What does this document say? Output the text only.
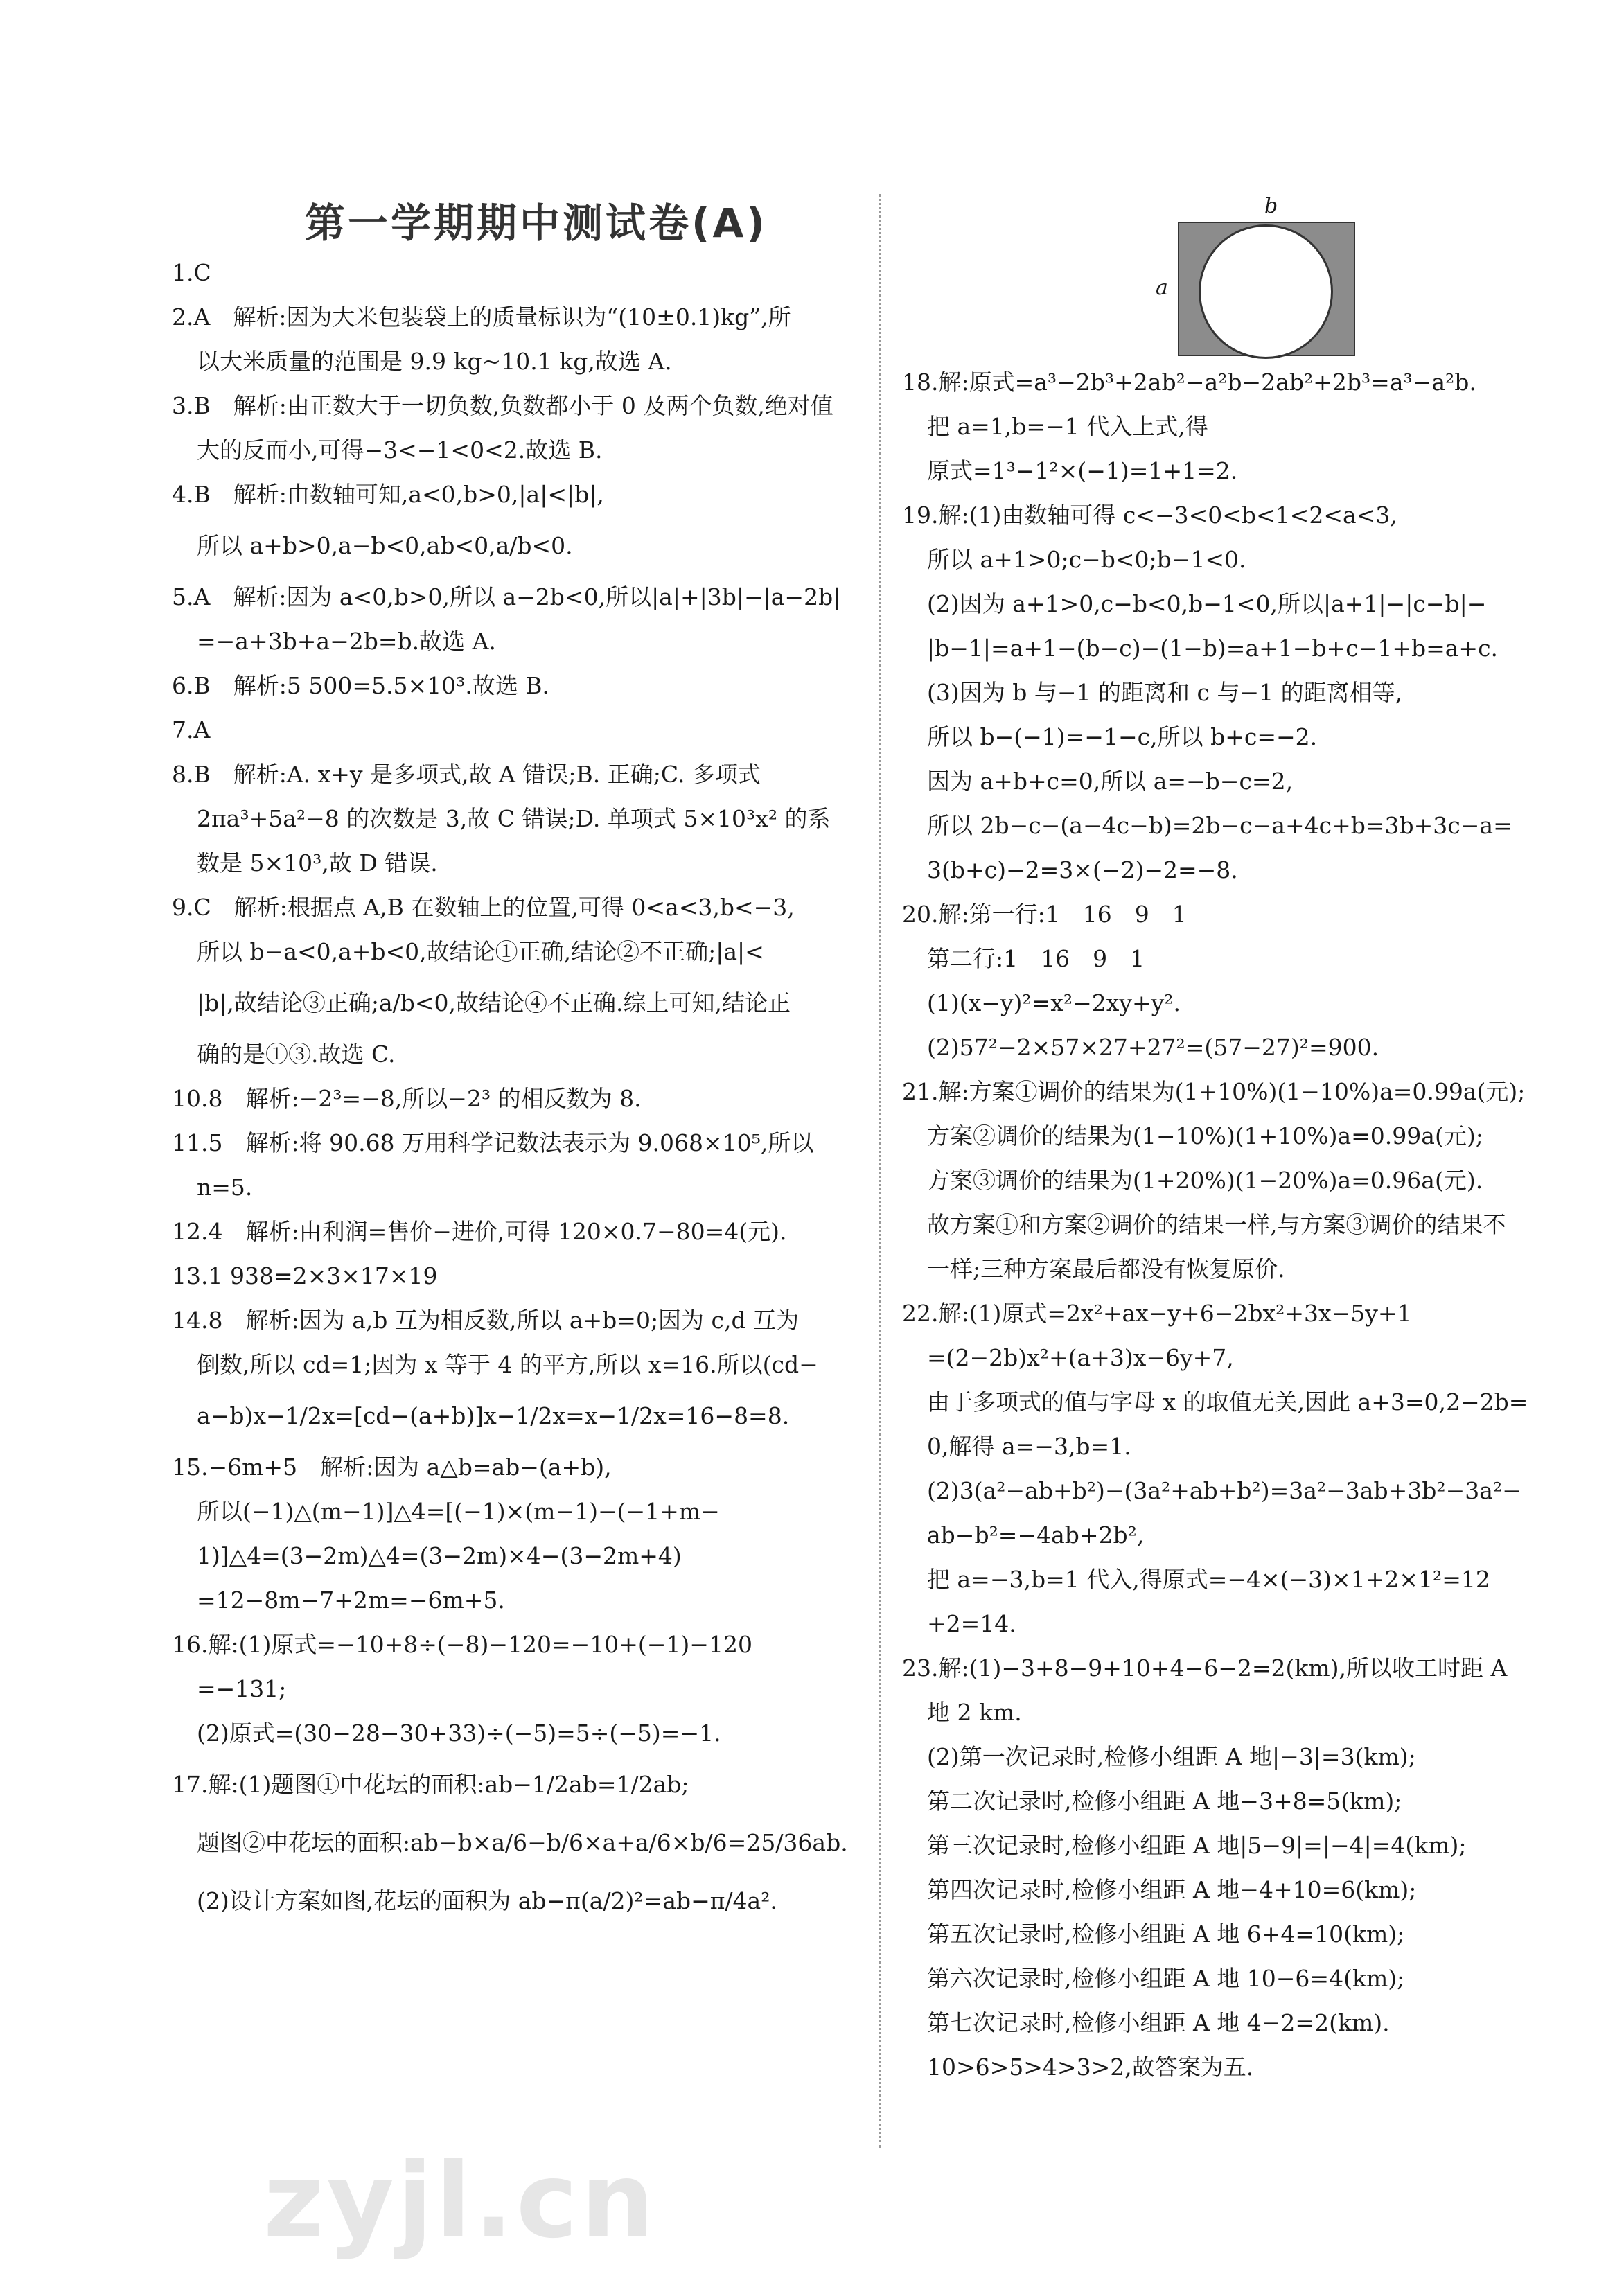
第一学期期中测试卷(A)	b
a
1.C
2.A　解析:因为大米包装袋上的质量标识为“(10±0.1)kg”,所
以大米质量的范围是 9.9 kg~10.1 kg,故选 A.
3.B　解析:由正数大于一切负数,负数都小于 0 及两个负数,绝对值
大的反而小,可得−3<−1<0<2.故选 B.
4.B　解析:由数轴可知,a<0,b>0,|a|<|b|,
所以 a+b>0,a−b<0,ab<0,a/b<0.
5.A　解析:因为 a<0,b>0,所以 a−2b<0,所以|a|+|3b|−|a−2b|
=−a+3b+a−2b=b.故选 A.
6.B　解析:5 500=5.5×10³.故选 B.
7.A
8.B　解析:A. x+y 是多项式,故 A 错误;B. 正确;C. 多项式
2πa³+5a²−8 的次数是 3,故 C 错误;D. 单项式 5×10³x² 的系
数是 5×10³,故 D 错误.
9.C　解析:根据点 A,B 在数轴上的位置,可得 0<a<3,b<−3,
所以 b−a<0,a+b<0,故结论①正确,结论②不正确;|a|<
|b|,故结论③正确;a/b<0,故结论④不正确.综上可知,结论正
确的是①③.故选 C.
10.8　解析:−2³=−8,所以−2³ 的相反数为 8.
11.5　解析:将 90.68 万用科学记数法表示为 9.068×10⁵,所以
n=5.
12.4　解析:由利润=售价−进价,可得 120×0.7−80=4(元).
13.1 938=2×3×17×19
14.8　解析:因为 a,b 互为相反数,所以 a+b=0;因为 c,d 互为
倒数,所以 cd=1;因为 x 等于 4 的平方,所以 x=16.所以(cd−
a−b)x−1/2x=[cd−(a+b)]x−1/2x=x−1/2x=16−8=8.
15.−6m+5　解析:因为 a△b=ab−(a+b),
所以(−1)△(m−1)]△4=[(−1)×(m−1)−(−1+m−
1)]△4=(3−2m)△4=(3−2m)×4−(3−2m+4)
=12−8m−7+2m=−6m+5.
16.解:(1)原式=−10+8÷(−8)−120=−10+(−1)−120
=−131;
(2)原式=(30−28−30+33)÷(−5)=5÷(−5)=−1.
17.解:(1)题图①中花坛的面积:ab−1/2ab=1/2ab;
题图②中花坛的面积:ab−b×a/6−b/6×a+a/6×b/6=25/36ab.
(2)设计方案如图,花坛的面积为 ab−π(a/2)²=ab−π/4a².
18.解:原式=a³−2b³+2ab²−a²b−2ab²+2b³=a³−a²b.
把 a=1,b=−1 代入上式,得
原式=1³−1²×(−1)=1+1=2.
19.解:(1)由数轴可得 c<−3<0<b<1<2<a<3,
所以 a+1>0;c−b<0;b−1<0.
(2)因为 a+1>0,c−b<0,b−1<0,所以|a+1|−|c−b|−
|b−1|=a+1−(b−c)−(1−b)=a+1−b+c−1+b=a+c.
(3)因为 b 与−1 的距离和 c 与−1 的距离相等,
所以 b−(−1)=−1−c,所以 b+c=−2.
因为 a+b+c=0,所以 a=−b−c=2,
所以 2b−c−(a−4c−b)=2b−c−a+4c+b=3b+3c−a=
3(b+c)−2=3×(−2)−2=−8.
20.解:第一行:1　16　9　1
第二行:1　16　9　1
(1)(x−y)²=x²−2xy+y².
(2)57²−2×57×27+27²=(57−27)²=900.
21.解:方案①调价的结果为(1+10%)(1−10%)a=0.99a(元);
方案②调价的结果为(1−10%)(1+10%)a=0.99a(元);
方案③调价的结果为(1+20%)(1−20%)a=0.96a(元).
故方案①和方案②调价的结果一样,与方案③调价的结果不
一样;三种方案最后都没有恢复原价.
22.解:(1)原式=2x²+ax−y+6−2bx²+3x−5y+1
=(2−2b)x²+(a+3)x−6y+7,
由于多项式的值与字母 x 的取值无关,因此 a+3=0,2−2b=
0,解得 a=−3,b=1.
(2)3(a²−ab+b²)−(3a²+ab+b²)=3a²−3ab+3b²−3a²−
ab−b²=−4ab+2b²,
把 a=−3,b=1 代入,得原式=−4×(−3)×1+2×1²=12
+2=14.
23.解:(1)−3+8−9+10+4−6−2=2(km),所以收工时距 A
地 2 km.
(2)第一次记录时,检修小组距 A 地|−3|=3(km);
第二次记录时,检修小组距 A 地−3+8=5(km);
第三次记录时,检修小组距 A 地|5−9|=|−4|=4(km);
第四次记录时,检修小组距 A 地−4+10=6(km);
第五次记录时,检修小组距 A 地 6+4=10(km);
第六次记录时,检修小组距 A 地 10−6=4(km);
第七次记录时,检修小组距 A 地 4−2=2(km).
10>6>5>4>3>2,故答案为五.
zyjl.cn
